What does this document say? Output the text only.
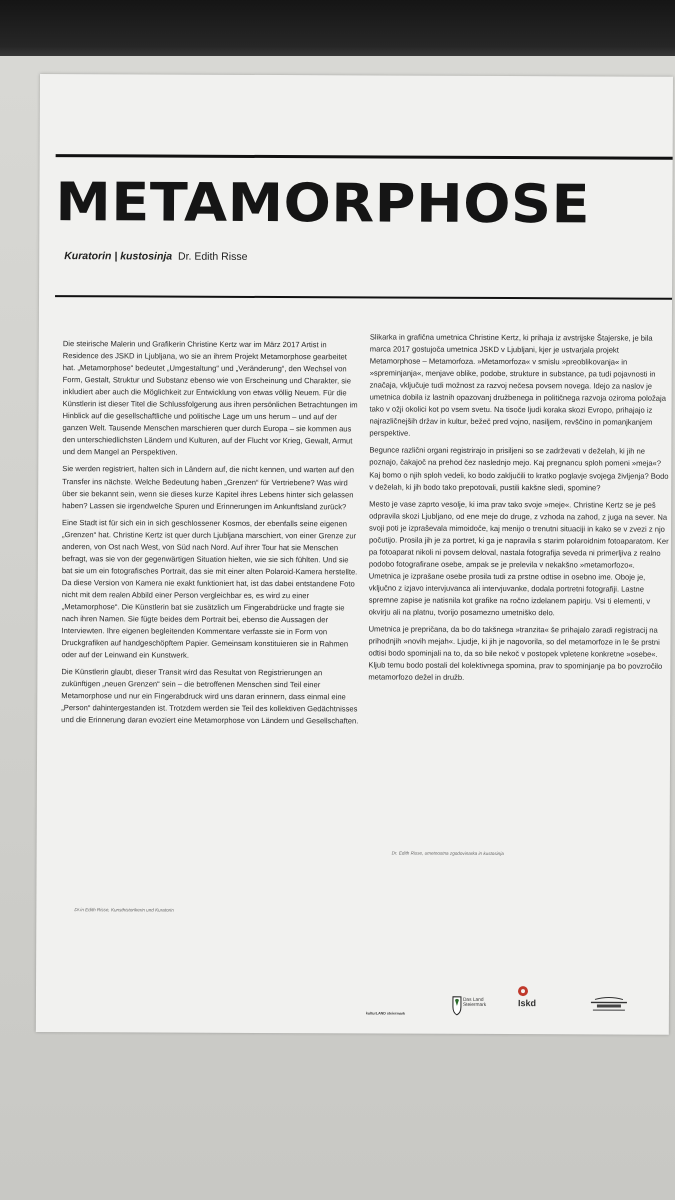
METAMORPHOSE
Kuratorin | kustosinja Dr. Edith Risse

Die steirische Malerin und Grafikerin Christine Kertz war im März 2017 Artist in Residence des JSKD in Ljubljana, wo sie an ihrem Projekt Metamorphose gearbeitet hat. „Metamorphose“ bedeutet „Umgestaltung“ und „Veränderung“, den Wechsel von Form, Gestalt, Struktur und Substanz ebenso wie von Erscheinung und Charakter, sie inkludiert aber auch die Möglichkeit zur Entwicklung von etwas völlig Neuem. Für die Künstlerin ist dieser Titel die Schlussfolgerung aus ihren persönlichen Betrachtungen im Hinblick auf die gesellschaftliche und politische Lage um uns herum – und auf der ganzen Welt. Tausende Menschen marschieren quer durch Europa – sie kommen aus den unterschiedlichsten Ländern und Kulturen, auf der Flucht vor Krieg, Gewalt, Armut und dem Mangel an Perspektiven.

Sie werden registriert, halten sich in Ländern auf, die nicht kennen, und warten auf den Transfer ins nächste. Welche Bedeutung haben „Grenzen“ für Vertriebene? Was wird über sie bekannt sein, wenn sie dieses kurze Kapitel ihres Lebens hinter sich gelassen haben? Lassen sie irgendwelche Spuren und Erinnerungen im Ankunftsland zurück?

Eine Stadt ist für sich ein in sich geschlossener Kosmos, der ebenfalls seine eigenen „Grenzen“ hat. Christine Kertz ist quer durch Ljubljana marschiert, von einer Grenze zur anderen, von Ost nach West, von Süd nach Nord. Auf ihrer Tour hat sie Menschen befragt, was sie von der gegenwärtigen Situation hielten, wie sie sich fühlten. Und sie bat sie um ein fotografisches Portrait, das sie mit einer alten Polaroid-Kamera herstellte. Da diese Version von Kamera nie exakt funktioniert hat, ist das dabei entstandene Foto nicht mit dem realen Abbild einer Person vergleichbar es, es wird zu einer „Metamorphose“. Die Künstlerin bat sie zusätzlich um Fingerabdrücke und fragte sie nach ihren Namen. Sie fügte beides dem Portrait bei, ebenso die Aussagen der Interviewten. Ihre eigenen begleitenden Kommentare verfasste sie in Form von Druckgrafiken auf handgeschöpftem Papier. Gemeinsam konstituieren sie in Rahmen oder auf der Leinwand ein Kunstwerk.

Die Künstlerin glaubt, dieser Transit wird das Resultat von Registrierungen an zukünftigen „neuen Grenzen“ sein – die betroffenen Menschen sind Teil einer Metamorphose und nur ein Fingerabdruck wird uns daran erinnern, dass einmal eine „Person“ dahintergestanden ist. Trotzdem werden sie Teil des kollektiven Gedächtnisses und die Erinnerung daran evoziert eine Metamorphose von Ländern und Gesellschaften.

Slikarka in grafična umetnica Christine Kertz, ki prihaja iz avstrijske Štajerske, je bila marca 2017 gostujoča umetnica JSKD v Ljubljani, kjer je ustvarjala projekt Metamorphose – Metamorfoza. »Metamorfoza« v smislu »preoblikovanja« in »spreminjanja«, menjave oblike, podobe, strukture in substance, pa tudi pojavnosti in značaja, vključuje tudi možnost za razvoj nečesa povsem novega. Idejo za naslov je umetnica dobila iz lastnih opazovanj družbenega in političnega razvoja oziroma položaja tako v ožji okolici kot po vsem svetu. Na tisoče ljudi koraka skozi Evropo, prihajajo iz najrazličnejših držav in kultur, bežeč pred vojno, nasiljem, revščino in pomanjkanjem perspektive.

Begunce različni organi registrirajo in prisiljeni so se zadrževati v deželah, ki jih ne poznajo, čakajoč na prehod čez naslednjo mejo. Kaj pregnancu sploh pomeni »meja«? Kaj bomo o njih sploh vedeli, ko bodo zaključili to kratko poglavje svojega življenja? Bodo v deželah, ki jih bodo tako prepotovali, pustili kakšne sledi, spomine?

Mesto je vase zaprto vesolje, ki ima prav tako svoje »meje«. Christine Kertz se je peš odpravila skozi Ljubljano, od ene meje do druge, z vzhoda na zahod, z juga na sever. Na svoji poti je izpraševala mimoidoče, kaj menijo o trenutni situaciji in kako se v zvezi z njo počutijo. Prosila jih je za portret, ki ga je napravila s starim polaroidnim fotoaparatom. Ker pa fotoaparat nikoli ni povsem deloval, nastala fotografija seveda ni primerljiva z realno podobo fotografirane osebe, ampak se je prelevila v nekakšno »metamorfozo«. Umetnica je izprašane osebe prosila tudi za prstne odtise in osebno ime. Oboje je, vključno z izjavo intervjuvanca ali intervjuvanke, dodala portretni fotografiji. Lastne spremne zapise je natisnila kot grafike na ročno izdelanem papirju. Vsi ti elementi, v okvirju ali na platnu, tvorijo posamezno umetniško delo.

Umetnica je prepričana, da bo do takšnega »tranzita« še prihajalo zaradi registracij na prihodnjih »novih mejah«. Ljudje, ki jih je nagovorila, so del metamorfoze in le še prstni odtisi bodo spominjali na to, da so bile nekoč v postopek vpletene konkretne »osebe«. Kljub temu bodo postali del kolektivnega spomina, prav to spominjanje pa bo povzročilo metamorfozo dežel in družb.

Dr.in Edith Risse, Kunsthistorikerin und Kuratorin
Dr. Edith Risse, umetnostna zgodovinarka in kustosinja
kulturLAND steiermark
Das Land Steiermark	Iskd
